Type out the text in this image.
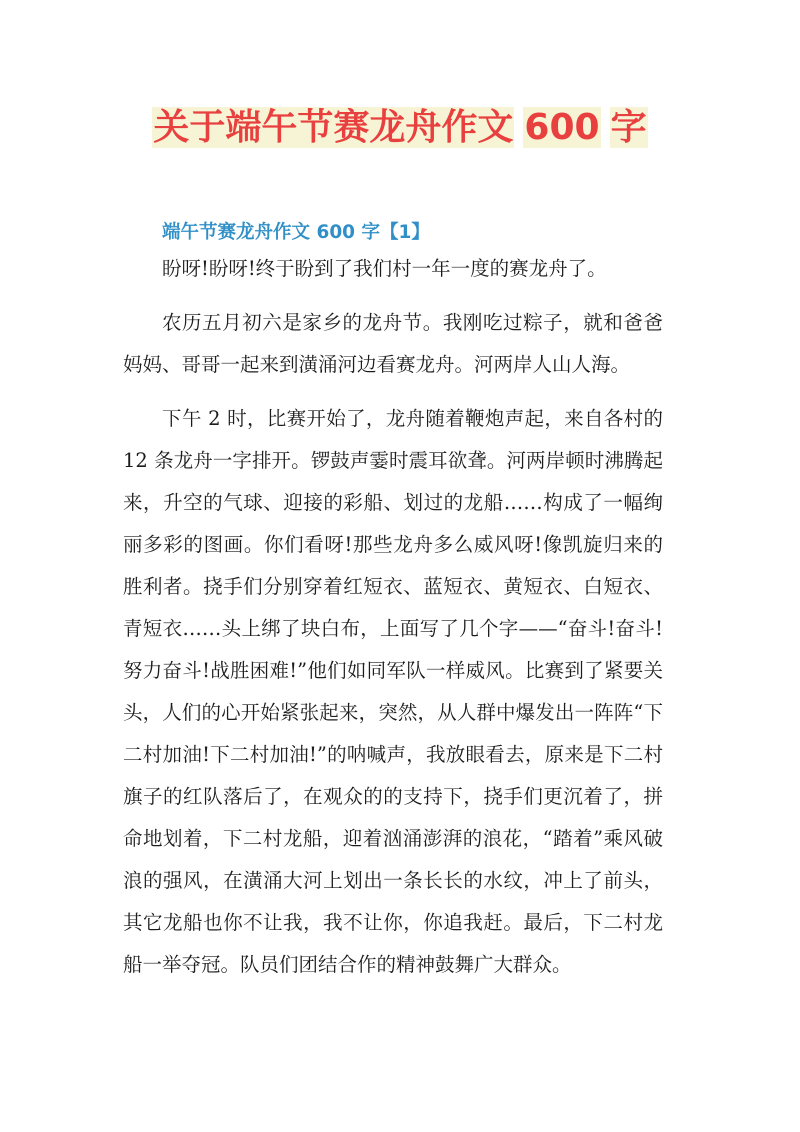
关于端午节赛龙舟作文 600 字
端午节赛龙舟作文 600 字【1】

盼呀!盼呀!终于盼到了我们村一年一度的赛龙舟了。

农历五月初六是家乡的龙舟节。我刚吃过粽子，就和爸爸妈妈、哥哥一起来到潢涌河边看赛龙舟。河两岸人山人海。

下午 2 时，比赛开始了，龙舟随着鞭炮声起，来自各村的 12 条龙舟一字排开。锣鼓声霎时震耳欲聋。河两岸顿时沸腾起来，升空的气球、迎接的彩船、划过的龙船……构成了一幅绚丽多彩的图画。你们看呀!那些龙舟多么威风呀!像凯旋归来的胜利者。挠手们分别穿着红短衣、蓝短衣、黄短衣、白短衣、青短衣……头上绑了块白布，上面写了几个字——“奋斗!奋斗!努力奋斗!战胜困难!”他们如同军队一样威风。比赛到了紧要关头，人们的心开始紧张起来，突然，从人群中爆发出一阵阵“下二村加油!下二村加油!”的呐喊声，我放眼看去，原来是下二村旗子的红队落后了，在观众的的支持下，挠手们更沉着了，拼命地划着，下二村龙船，迎着汹涌澎湃的浪花，“踏着”乘风破浪的强风，在潢涌大河上划出一条长长的水纹，冲上了前头，其它龙船也你不让我，我不让你，你追我赶。最后，下二村龙船一举夺冠。队员们团结合作的精神鼓舞广大群众。
